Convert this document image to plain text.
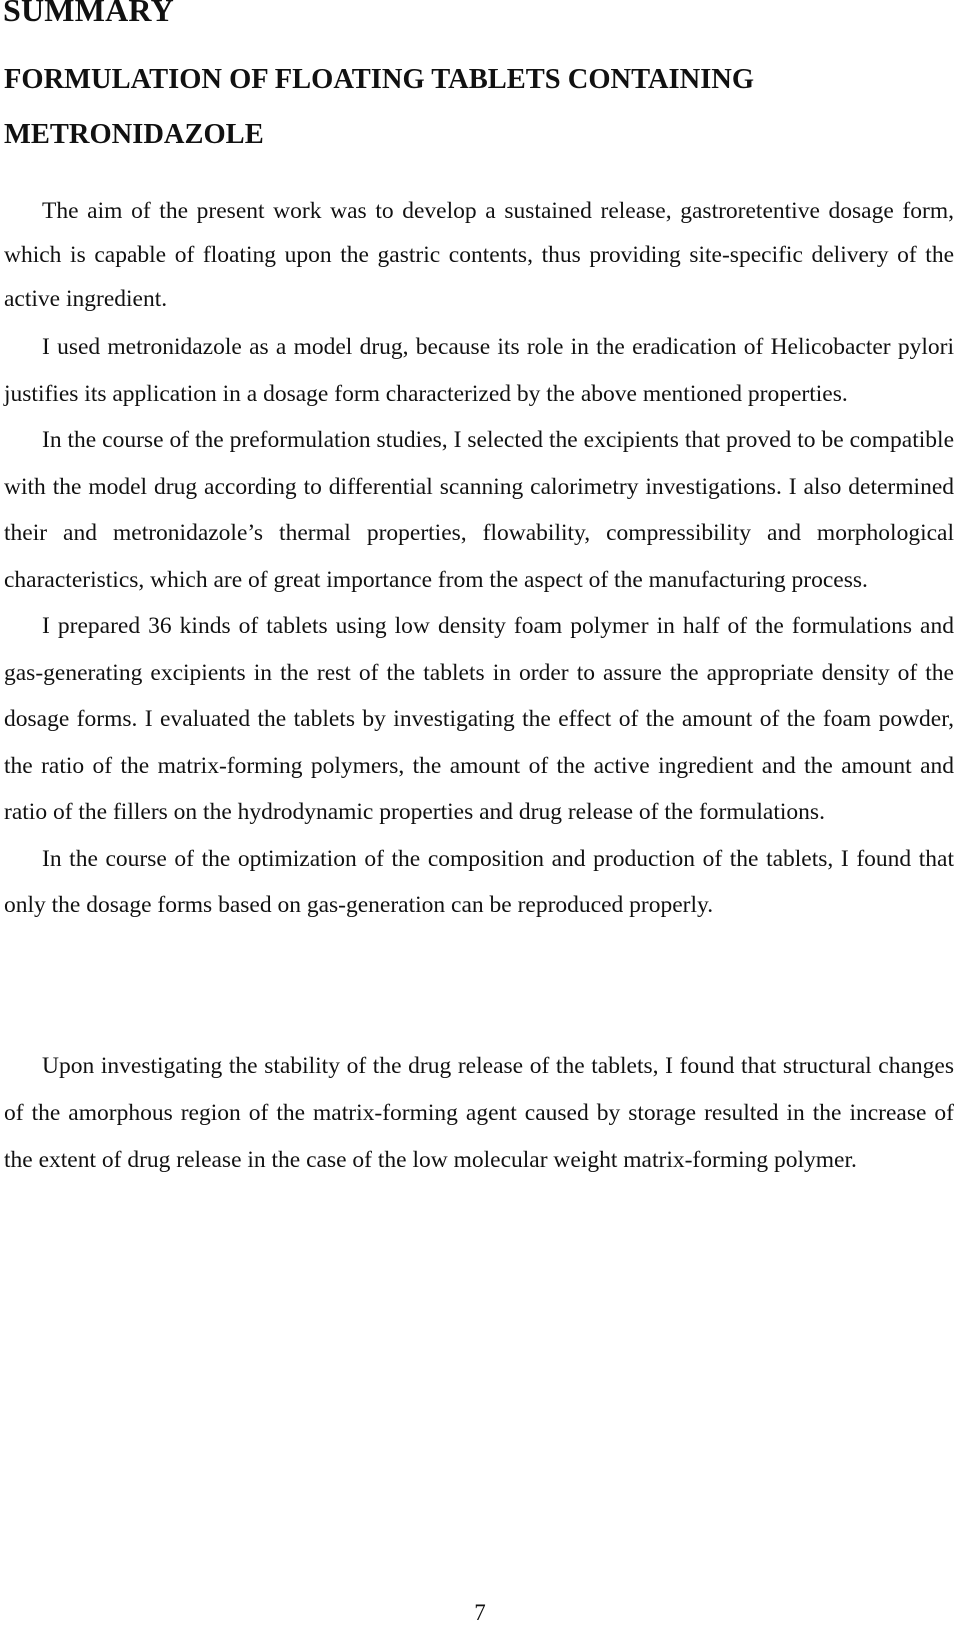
SUMMARY
FORMULATION OF FLOATING TABLETS CONTAINING METRONIDAZOLE

The aim of the present work was to develop a sustained release, gastroretentive dosage form, which is capable of floating upon the gastric contents, thus providing site-specific delivery of the active ingredient.

I used metronidazole as a model drug, because its role in the eradication of Helicobacter pylori justifies its application in a dosage form characterized by the above mentioned properties.

In the course of the preformulation studies, I selected the excipients that proved to be compatible with the model drug according to differential scanning calorimetry investigations. I also determined their and metronidazole’s thermal properties, flowability, compressibility and morphological characteristics, which are of great importance from the aspect of the manufacturing process.

I prepared 36 kinds of tablets using low density foam polymer in half of the formulations and gas-generating excipients in the rest of the tablets in order to assure the appropriate density of the dosage forms. I evaluated the tablets by investigating the effect of the amount of the foam powder, the ratio of the matrix-forming polymers, the amount of the active ingredient and the amount and ratio of the fillers on the hydrodynamic properties and drug release of the formulations.

In the course of the optimization of the composition and production of the tablets, I found that only the dosage forms based on gas-generation can be reproduced properly.

Upon investigating the stability of the drug release of the tablets, I found that structural changes of the amorphous region of the matrix-forming agent caused by storage resulted in the increase of the extent of drug release in the case of the low molecular weight matrix-forming polymer.

7
